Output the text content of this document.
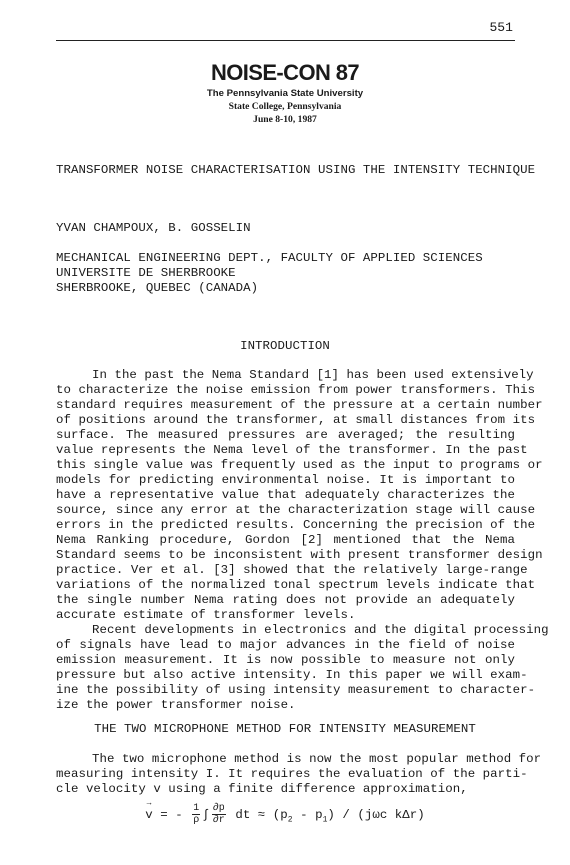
551
NOISE-CON 87
The Pennsylvania State University
State College, Pennsylvania
June 8-10, 1987
TRANSFORMER NOISE CHARACTERISATION USING THE INTENSITY TECHNIQUE
YVAN CHAMPOUX, B. GOSSELIN
MECHANICAL ENGINEERING DEPT., FACULTY OF APPLIED SCIENCES
UNIVERSITE DE SHERBROOKE
SHERBROOKE, QUEBEC (CANADA)
INTRODUCTION
In the past the Nema Standard [1] has been used extensively
to characterize the noise emission from power transformers. This
standard requires measurement of the pressure at a certain number
of positions around the transformer, at small distances from its
surface. The measured pressures are averaged; the resulting
value represents the Nema level of the transformer. In the past
this single value was frequently used as the input to programs or
models for predicting environmental noise. It is important to
have a representative value that adequately characterizes the
source, since any error at the characterization stage will cause
errors in the predicted results. Concerning the precision of the
Nema Ranking procedure, Gordon [2] mentioned that the Nema
Standard seems to be inconsistent with present transformer design
practice. Ver et al. [3] showed that the relatively large-range
variations of the normalized tonal spectrum levels indicate that
the single number Nema rating does not provide an adequately
accurate estimate of transformer levels.
Recent developments in electronics and the digital processing
of signals have lead to major advances in the field of noise
emission measurement. It is now possible to measure not only
pressure but also active intensity. In this paper we will exam-
ine the possibility of using intensity measurement to character-
ize the power transformer noise.
THE TWO MICROPHONE METHOD FOR INTENSITY MEASUREMENT
The two microphone method is now the most popular method for
measuring intensity I. It requires the evaluation of the parti-
cle velocity v using a finite difference approximation,
→
v = - $\frac{1}{\rho}$ ∫ $\frac{\partial p}{\partial r}$ dt ≈ $(p_2 - p_1) / (j\omega c$ kΔr)
